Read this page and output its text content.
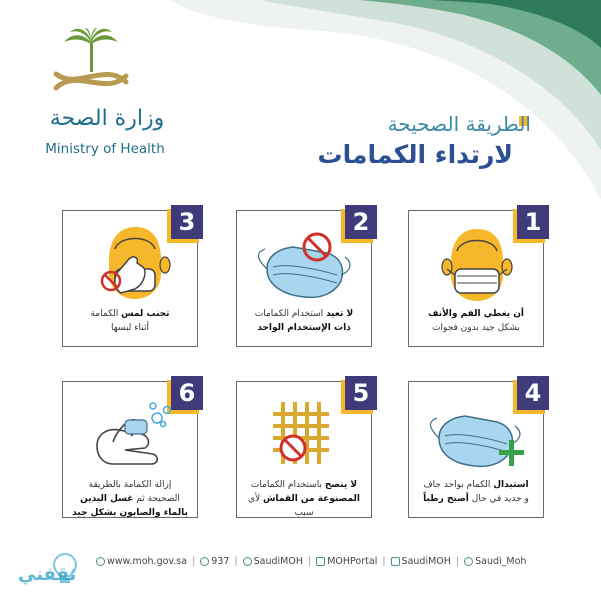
وزارة الصحة
Ministry of Health
الطريقة الصحيحة
لارتداء الكمامات
1
أن يغطي الفم والأنف
بشكل جيد بدون فجوات
2
لا تعيد استخدام الكمامات
ذات الإستخدام الواحد
3
تجنب لمس الكمامة
أثناء لبسها
4
استبدال الكمام بواحد جاف
و جديد في حال أصبح رطباً
5
لا ينصح باستخدام الكمامات
المصنوعة من القماش لأي سبب
6
إزالة الكمامة بالطريقة
الصحيحة ثم غسل اليدين
بالماء والصابون بشكل جيد
ثقفني
www.moh.gov.sa |	937 |	SaudiMOH |	MOHPortal |	SaudiMOH |	Saudi_Moh
